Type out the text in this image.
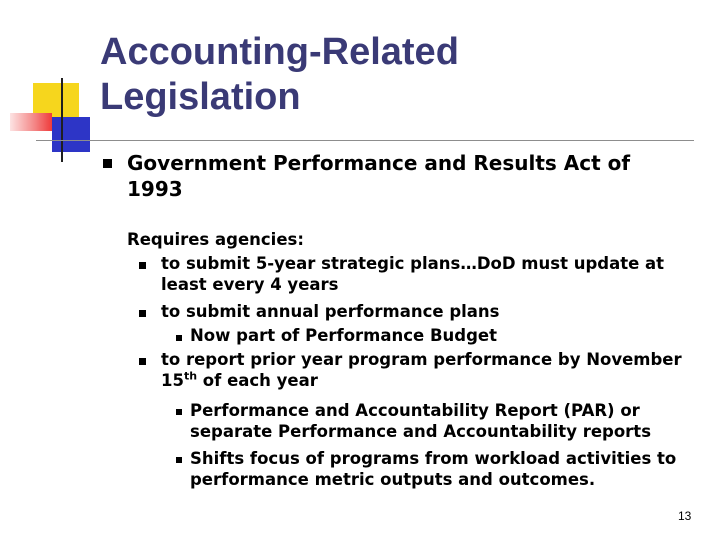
Accounting-Related
Legislation
Government Performance and Results Act of 1993
Requires agencies:
to submit 5-year strategic plans…DoD must update at least every 4 years
to submit annual performance plans
to report prior year program performance by November 15th of each year
Now part of Performance Budget
Performance and Accountability Report (PAR) or separate Performance and Accountability reports
Shifts focus of programs from workload activities to performance metric outputs and outcomes.
13
